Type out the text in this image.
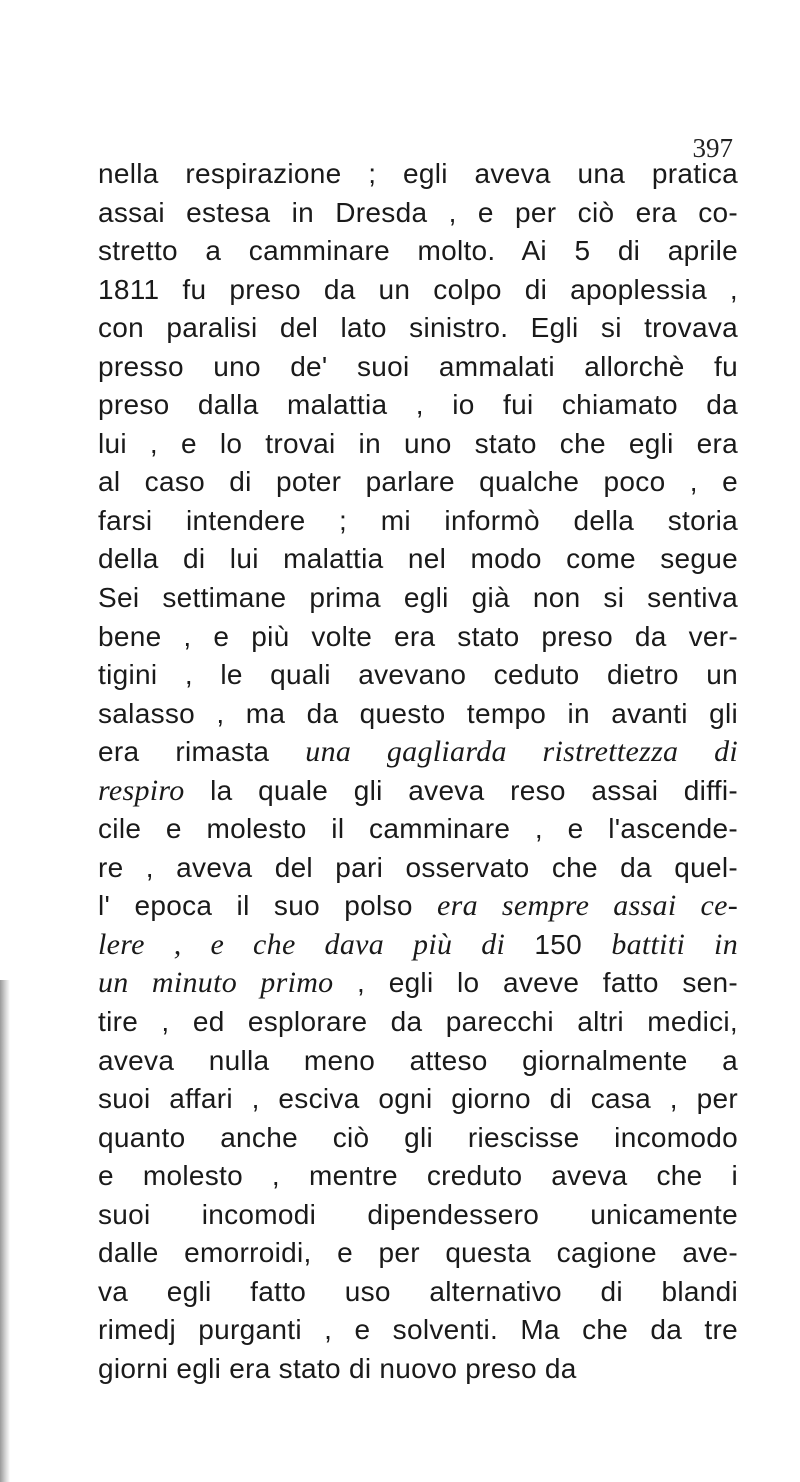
397
nella respirazione ; egli aveva una pratica
assai estesa in Dresda , e per ciò era co-
stretto a camminare molto. Ai 5 di aprile
1811 fu preso da un colpo di apoplessia ,
con paralisi del lato sinistro. Egli si trovava
presso uno de' suoi ammalati allorchè fu
preso dalla malattia , io fui chiamato da
lui , e lo trovai in uno stato che egli era
al caso di poter parlare qualche poco , e
farsi intendere ; mi informò della storia
della di lui malattia nel modo come segue
Sei settimane prima egli già non si sentiva
bene , e più volte era stato preso da ver-
tigini , le quali avevano ceduto dietro un
salasso , ma da questo tempo in avanti gli
era rimasta una gagliarda ristrettezza di
respiro la quale gli aveva reso assai diffi-
cile e molesto il camminare , e l'ascende-
re , aveva del pari osservato che da quel-
l' epoca il suo polso era sempre assai ce-
lere , e che dava più di 150 battiti in
un minuto primo , egli lo aveve fatto sen-
tire , ed esplorare da parecchi altri medici,
aveva nulla meno atteso giornalmente a
suoi affari , esciva ogni giorno di casa , per
quanto anche ciò gli riescisse incomodo
e molesto , mentre creduto aveva che i
suoi incomodi dipendessero unicamente
dalle emorroidi, e per questa cagione ave-
va egli fatto uso alternativo di blandi
rimedj purganti , e solventi. Ma che da tre
giorni egli era stato di nuovo preso da
